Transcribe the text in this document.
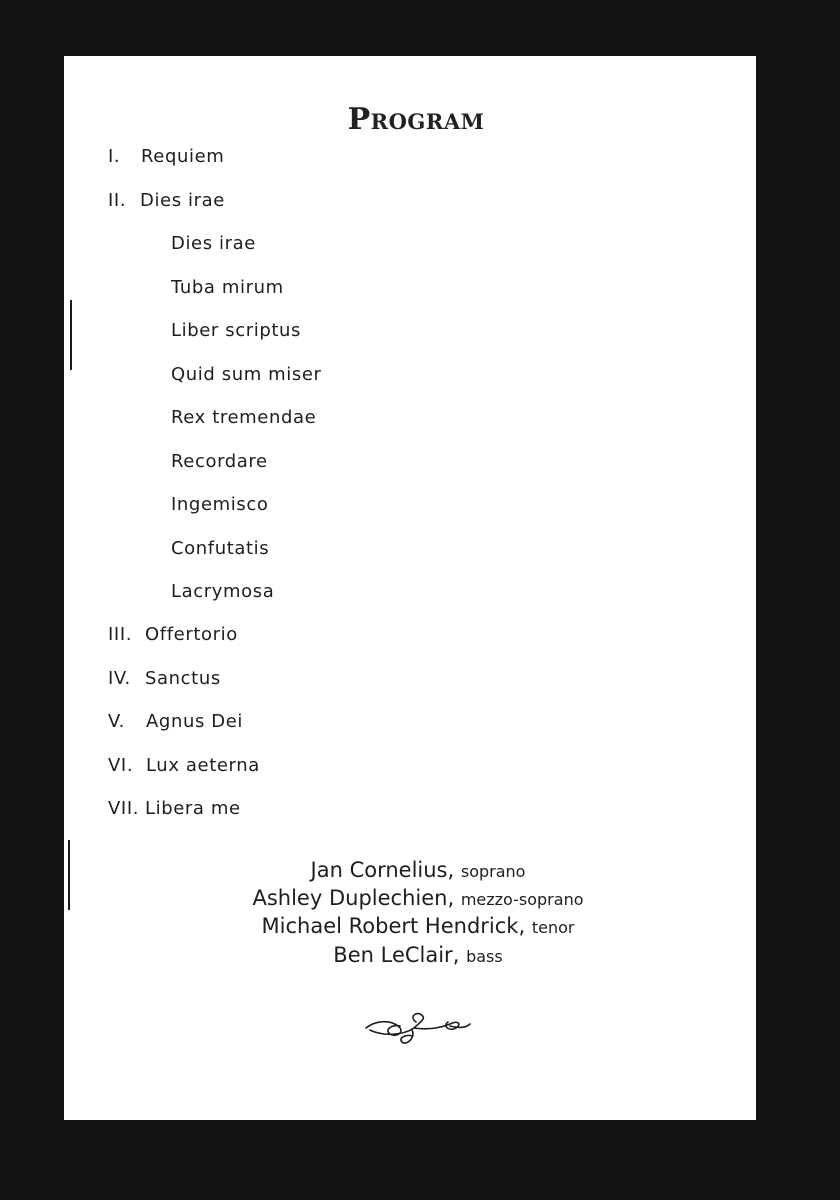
Program
I. Requiem
II. Dies irae
Dies irae
Tuba mirum
Liber scriptus
Quid sum miser
Rex tremendae
Recordare
Ingemisco
Confutatis
Lacrymosa
III. Offertorio
IV. Sanctus
V. Agnus Dei
VI. Lux aeterna
VII. Libera me
Jan Cornelius, soprano
Ashley Duplechien, mezzo-soprano
Michael Robert Hendrick, tenor
Ben LeClair, bass
